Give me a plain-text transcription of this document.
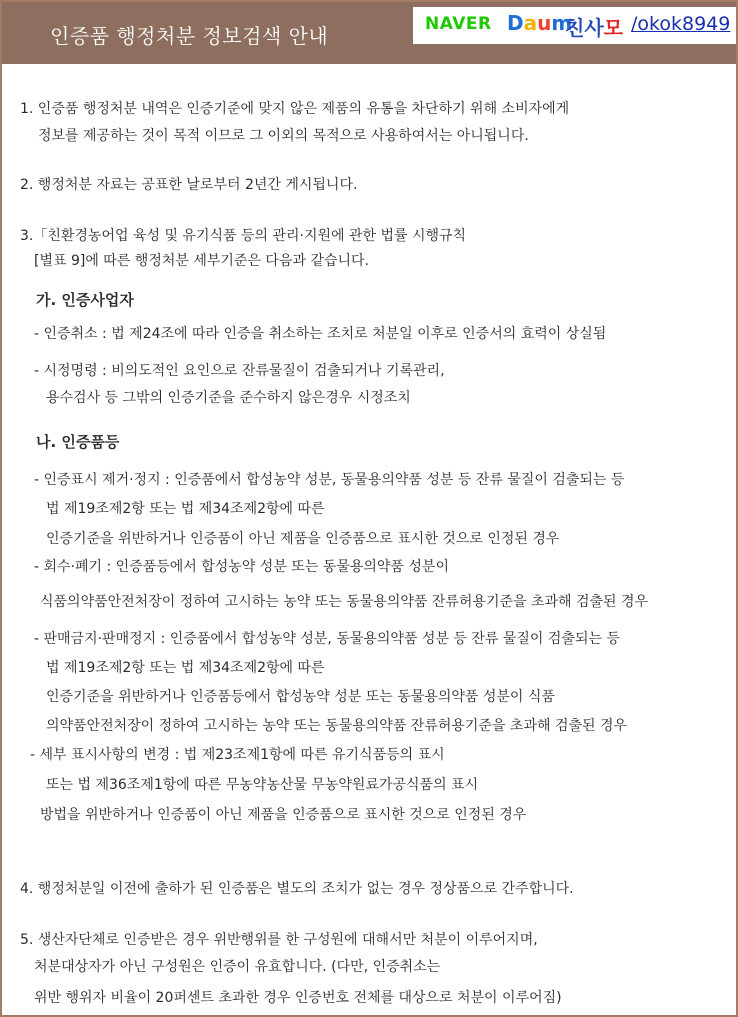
인증품 행정처분 정보검색 안내	NAVER Daum
친사모 /okok8949
1. 인증품 행정처분 내역은 인증기준에 맞지 않은 제품의 유통을 차단하기 위해 소비자에게
정보를 제공하는 것이 목적 이므로 그 이외의 목적으로 사용하여서는 아니됩니다.
2. 행정처분 자료는 공표한 날로부터 2년간 게시됩니다.
3.「친환경농어업 육성 및 유기식품 등의 관리·지원에 관한 법률 시행규칙
[별표 9]에 따른 행정처분 세부기준은 다음과 같습니다.
가. 인증사업자
- 인증취소 : 법 제24조에 따라 인증을 취소하는 조치로 처분일 이후로 인증서의 효력이 상실됨
- 시정명령 : 비의도적인 요인으로 잔류물질이 검출되거나 기록관리,
용수검사 등 그밖의 인증기준을 준수하지 않은경우 시정조치
나. 인증품등
- 인증표시 제거·정지 : 인증품에서 합성농약 성분, 동물용의약품 성분 등 잔류 물질이 검출되는 등
법 제19조제2항 또는 법 제34조제2항에 따른
인증기준을 위반하거나 인증품이 아닌 제품을 인증품으로 표시한 것으로 인정된 경우
- 회수·폐기 : 인증품등에서 합성농약 성분 또는 동물용의약품 성분이
식품의약품안전처장이 정하여 고시하는 농약 또는 동물용의약품 잔류허용기준을 초과해 검출된 경우
- 판매금지·판매정지 : 인증품에서 합성농약 성분, 동물용의약품 성분 등 잔류 물질이 검출되는 등
법 제19조제2항 또는 법 제34조제2항에 따른
인증기준을 위반하거나 인증품등에서 합성농약 성분 또는 동물용의약품 성분이 식품
의약품안전처장이 정하여 고시하는 농약 또는 동물용의약품 잔류허용기준을 초과해 검출된 경우
- 세부 표시사항의 변경 : 법 제23조제1항에 따른 유기식품등의 표시
또는 법 제36조제1항에 따른 무농약농산물 무농약원료가공식품의 표시
방법을 위반하거나 인증품이 아닌 제품을 인증품으로 표시한 것으로 인정된 경우
4. 행정처분일 이전에 출하가 된 인증품은 별도의 조치가 없는 경우 정상품으로 간주합니다.
5. 생산자단체로 인증받은 경우 위반행위를 한 구성원에 대해서만 처분이 이루어지며,
처분대상자가 아닌 구성원은 인증이 유효합니다. (다만, 인증취소는
위반 행위자 비율이 20퍼센트 초과한 경우 인증번호 전체를 대상으로 처분이 이루어짐)
